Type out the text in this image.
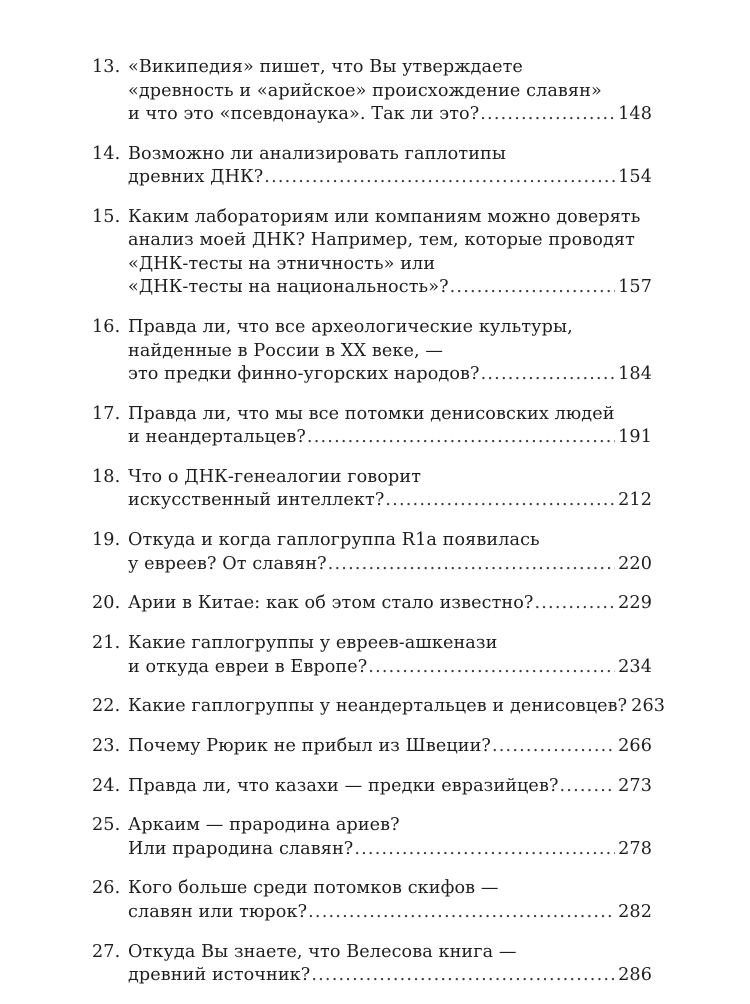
13. «Википедия» пишет, что Вы утверждаете
«древность и «арийское» происхождение славян»
и что это «псевдонаука». Так ли это? .....	148
14. Возможно ли анализировать гаплотипы
древних ДНК? .....	154
15. Каким лабораториям или компаниям можно доверять
анализ моей ДНК? Например, тем, которые проводят
«ДНК-тесты на этничность» или
«ДНК-тесты на национальность»? .....	157
16. Правда ли, что все археологические культуры,
найденные в России в XX веке, —
это предки финно-угорских народов? .....	184
17. Правда ли, что мы все потомки денисовских людей
и неандертальцев? .....	191
18. Что о ДНК-генеалогии говорит
искусственный интеллект? .....	212
19. Откуда и когда гаплогруппа R1a появилась
у евреев? От славян? .....	220
20. Арии в Китае: как об этом стало известно? .....	229
21. Какие гаплогруппы у евреев-ашкенази
и откуда евреи в Европе? .....	234
22. Какие гаплогруппы у неандертальцев и денисовцев? 263
23. Почему Рюрик не прибыл из Швеции? .....	266
24. Правда ли, что казахи — предки евразийцев? .....	273
25. Аркаим — прародина ариев?
Или прародина славян? .....	278
26. Кого больше среди потомков скифов —
славян или тюрок? .....	282
27. Откуда Вы знаете, что Велесова книга —
древний источник? .....	286
